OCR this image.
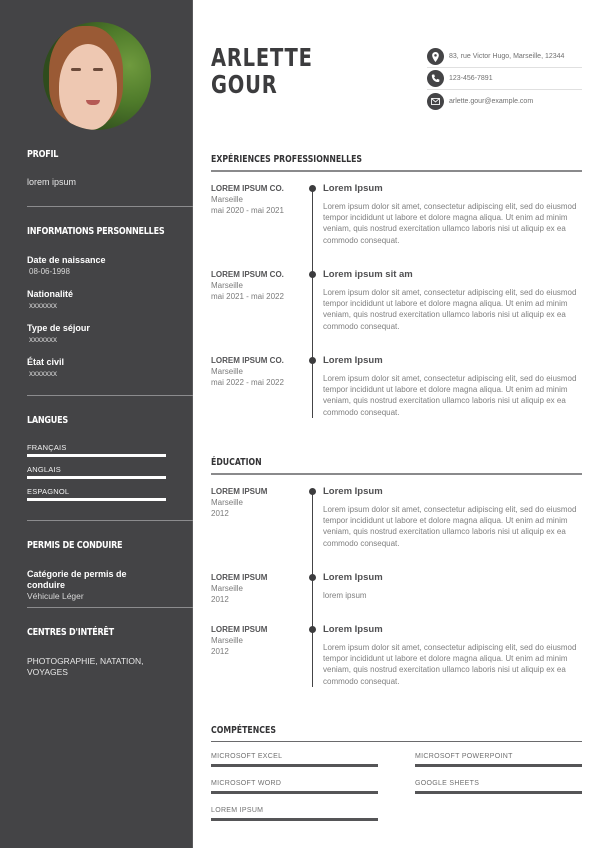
PROFIL
lorem ipsum
INFORMATIONS PERSONNELLES
Date de naissance
08-06-1998
Nationalité
xxxxxxx
Type de séjour
xxxxxxx
État civil
xxxxxxx
LANGUES
FRANÇAIS
ANGLAIS
ESPAGNOL
PERMIS DE CONDUIRE
Catégorie de permis de conduire
Véhicule Léger
CENTRES D'INTÉRÊT
PHOTOGRAPHIE, NATATION,
VOYAGES
ARLETTE
GOUR
83, rue Victor Hugo, Marseille, 12344
123-456-7891
arlette.gour@example.com
EXPÉRIENCES PROFESSIONNELLES
LOREM IPSUM CO.
Marseille
mai 2020 - mai 2021
Lorem Ipsum
Lorem ipsum dolor sit amet, consectetur adipiscing elit, sed do eiusmod tempor incididunt ut labore et dolore magna aliqua. Ut enim ad minim veniam, quis nostrud exercitation ullamco laboris nisi ut aliquip ex ea commodo consequat.
LOREM IPSUM CO.
Marseille
mai 2021 - mai 2022
Lorem ipsum sit am
Lorem ipsum dolor sit amet, consectetur adipiscing elit, sed do eiusmod tempor incididunt ut labore et dolore magna aliqua. Ut enim ad minim veniam, quis nostrud exercitation ullamco laboris nisi ut aliquip ex ea commodo consequat.
LOREM IPSUM CO.
Marseille
mai 2022 - mai 2022
Lorem Ipsum
Lorem ipsum dolor sit amet, consectetur adipiscing elit, sed do eiusmod tempor incididunt ut labore et dolore magna aliqua. Ut enim ad minim veniam, quis nostrud exercitation ullamco laboris nisi ut aliquip ex ea commodo consequat.
ÉDUCATION
LOREM IPSUM
Marseille
2012
Lorem Ipsum
Lorem ipsum dolor sit amet, consectetur adipiscing elit, sed do eiusmod tempor incididunt ut labore et dolore magna aliqua. Ut enim ad minim veniam, quis nostrud exercitation ullamco laboris nisi ut aliquip ex ea commodo consequat.
LOREM IPSUM
Marseille
2012
Lorem Ipsum
lorem ipsum
LOREM IPSUM
Marseille
2012
Lorem Ipsum
Lorem ipsum dolor sit amet, consectetur adipiscing elit, sed do eiusmod tempor incididunt ut labore et dolore magna aliqua. Ut enim ad minim veniam, quis nostrud exercitation ullamco laboris nisi ut aliquip ex ea commodo consequat.
COMPÉTENCES
MICROSOFT EXCEL	MICROSOFT POWERPOINT
MICROSOFT WORD	GOOGLE SHEETS
LOREM IPSUM
